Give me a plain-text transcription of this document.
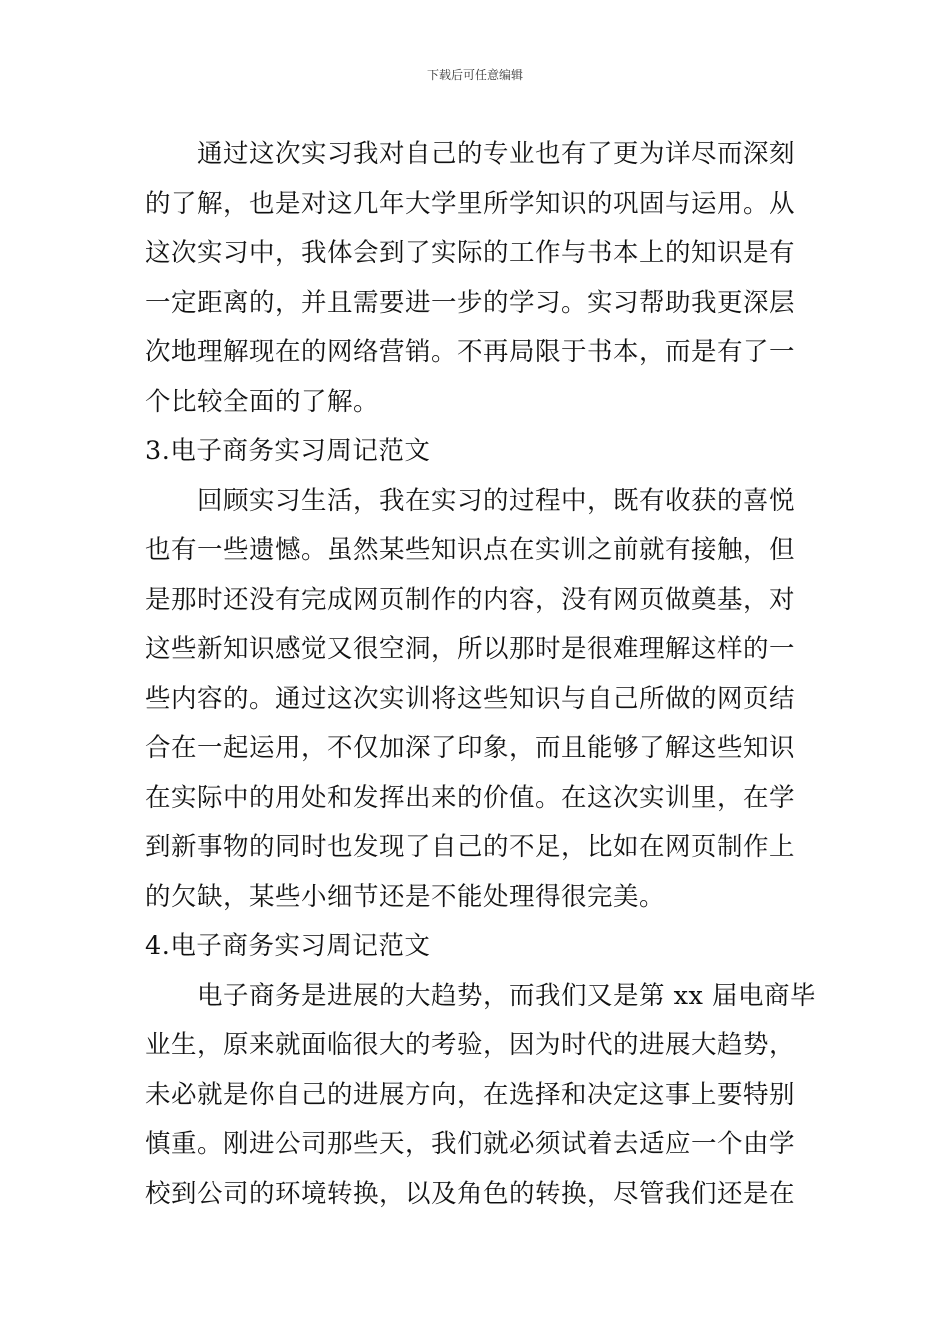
下载后可任意编辑
通过这次实习我对自己的专业也有了更为详尽而深刻
的了解，也是对这几年大学里所学知识的巩固与运用。从
这次实习中，我体会到了实际的工作与书本上的知识是有
一定距离的，并且需要进一步的学习。实习帮助我更深层
次地理解现在的网络营销。不再局限于书本，而是有了一
个比较全面的了解。
3.电子商务实习周记范文
回顾实习生活，我在实习的过程中，既有收获的喜悦
也有一些遗憾。虽然某些知识点在实训之前就有接触，但
是那时还没有完成网页制作的内容，没有网页做奠基，对
这些新知识感觉又很空洞，所以那时是很难理解这样的一
些内容的。通过这次实训将这些知识与自己所做的网页结
合在一起运用，不仅加深了印象，而且能够了解这些知识
在实际中的用处和发挥出来的价值。在这次实训里，在学
到新事物的同时也发现了自己的不足，比如在网页制作上
的欠缺，某些小细节还是不能处理得很完美。
4.电子商务实习周记范文
电子商务是进展的大趋势，而我们又是第 xx 届电商毕
业生，原来就面临很大的考验，因为时代的进展大趋势，
未必就是你自己的进展方向，在选择和决定这事上要特别
慎重。刚进公司那些天，我们就必须试着去适应一个由学
校到公司的环境转换，以及角色的转换，尽管我们还是在
